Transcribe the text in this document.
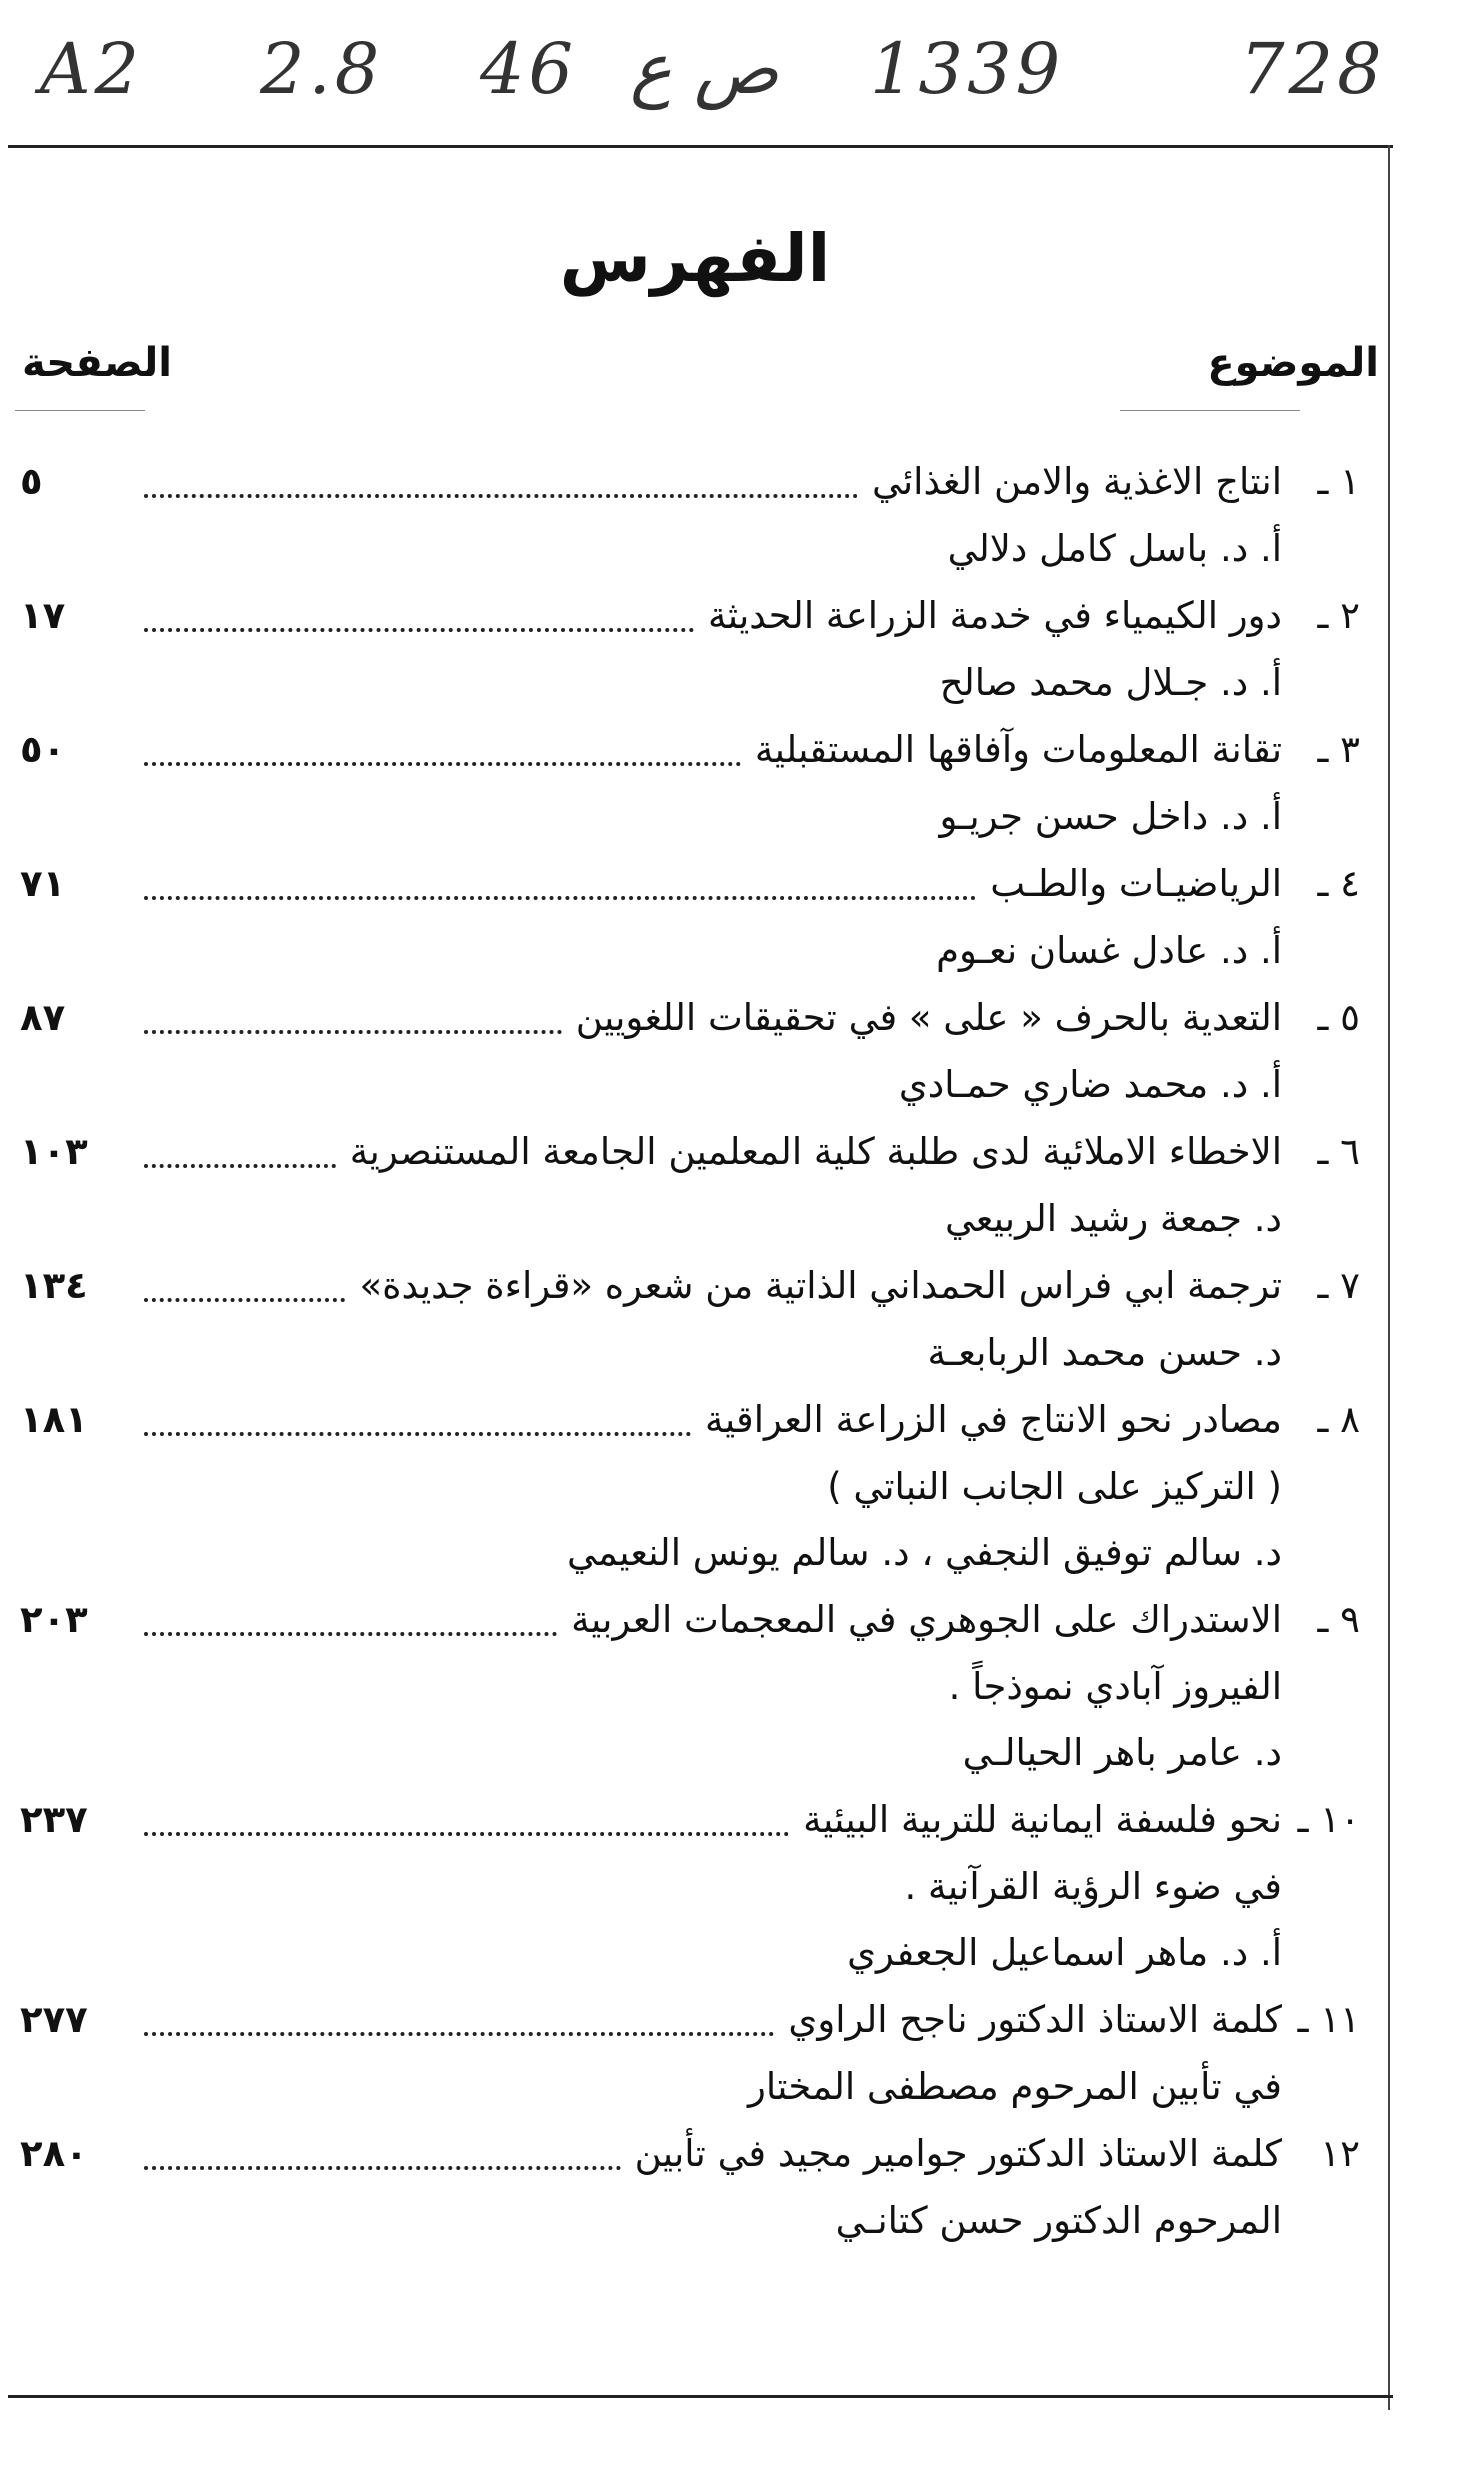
A2 2.8 46 ص ع 1339	728
الفهرس
الموضوع
الصفحة
١ ـ
انتاج الاغذية والامن الغذائي
٥
أ. د. باسل كامل دلالي
٢ ـ
دور الكيمياء في خدمة الزراعة الحديثة
١٧
أ. د. جـلال محمد صالح
٣ ـ
تقانة المعلومات وآفاقها المستقبلية
٥٠
أ. د. داخل حسن جريـو
٤ ـ
الرياضيـات والطـب
٧١
أ. د. عادل غسان نعـوم
٥ ـ
التعدية بالحرف « على » في تحقيقات اللغويين
٨٧
أ. د. محمد ضاري حمـادي
٦ ـ
الاخطاء الاملائية لدى طلبة كلية المعلمين الجامعة المستنصرية
١٠٣
د. جمعة رشيد الربيعي
٧ ـ
ترجمة ابي فراس الحمداني الذاتية من شعره «قراءة جديدة»
١٣٤
د. حسن محمد الربابعـة
٨ ـ
مصادر نحو الانتاج في الزراعة العراقية
١٨١
( التركيز على الجانب النباتي )
د. سالم توفيق النجفي ، د. سالم يونس النعيمي
٩ ـ
الاستدراك على الجوهري في المعجمات العربية
٢٠٣
الفيروز آبادي نموذجاً .
د. عامر باهر الحيالـي
١٠ ـ
نحو فلسفة ايمانية للتربية البيئية
٢٣٧
في ضوء الرؤية القرآنية .
أ. د. ماهر اسماعيل الجعفري
١١ ـ
كلمة الاستاذ الدكتور ناجح الراوي
٢٧٧
في تأبين المرحوم مصطفى المختار
١٢
كلمة الاستاذ الدكتور جوامير مجيد في تأبين
٢٨٠
المرحوم الدكتور حسن كتانـي
